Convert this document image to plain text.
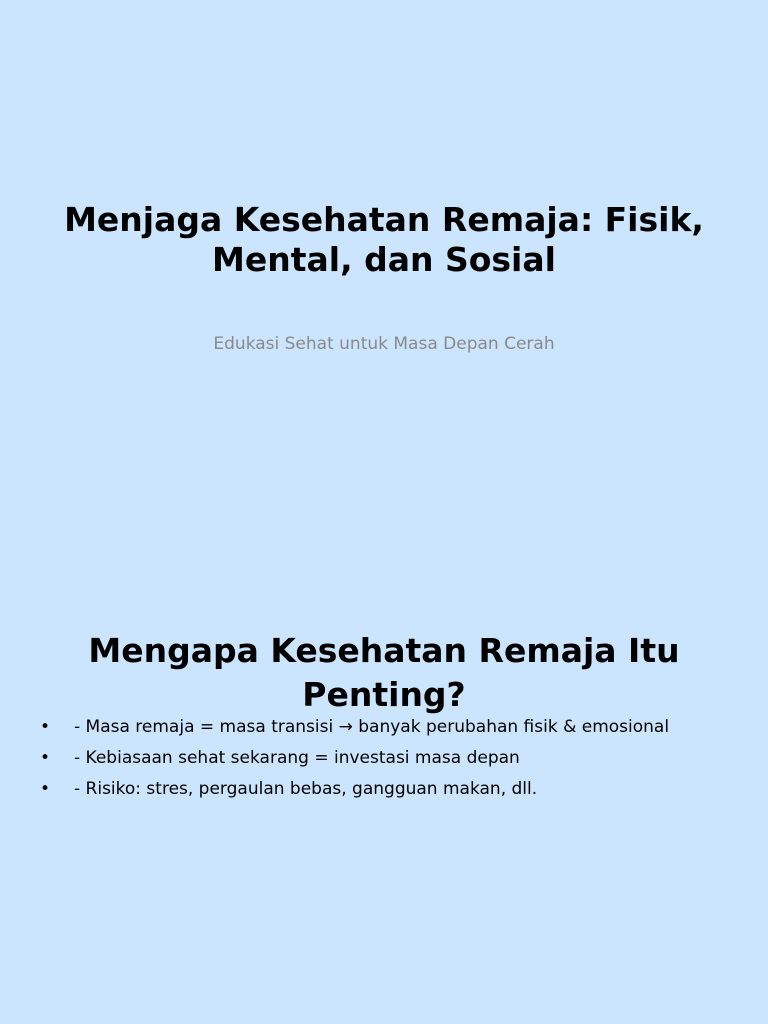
Menjaga Kesehatan Remaja: Fisik,
Mental, dan Sosial

Edukasi Sehat untuk Masa Depan Cerah

Mengapa Kesehatan Remaja Itu Penting?
•	- Masa remaja = masa transisi → banyak perubahan fisik & emosional
•	- Kebiasaan sehat sekarang = investasi masa depan
•	- Risiko: stres, pergaulan bebas, gangguan makan, dll.
